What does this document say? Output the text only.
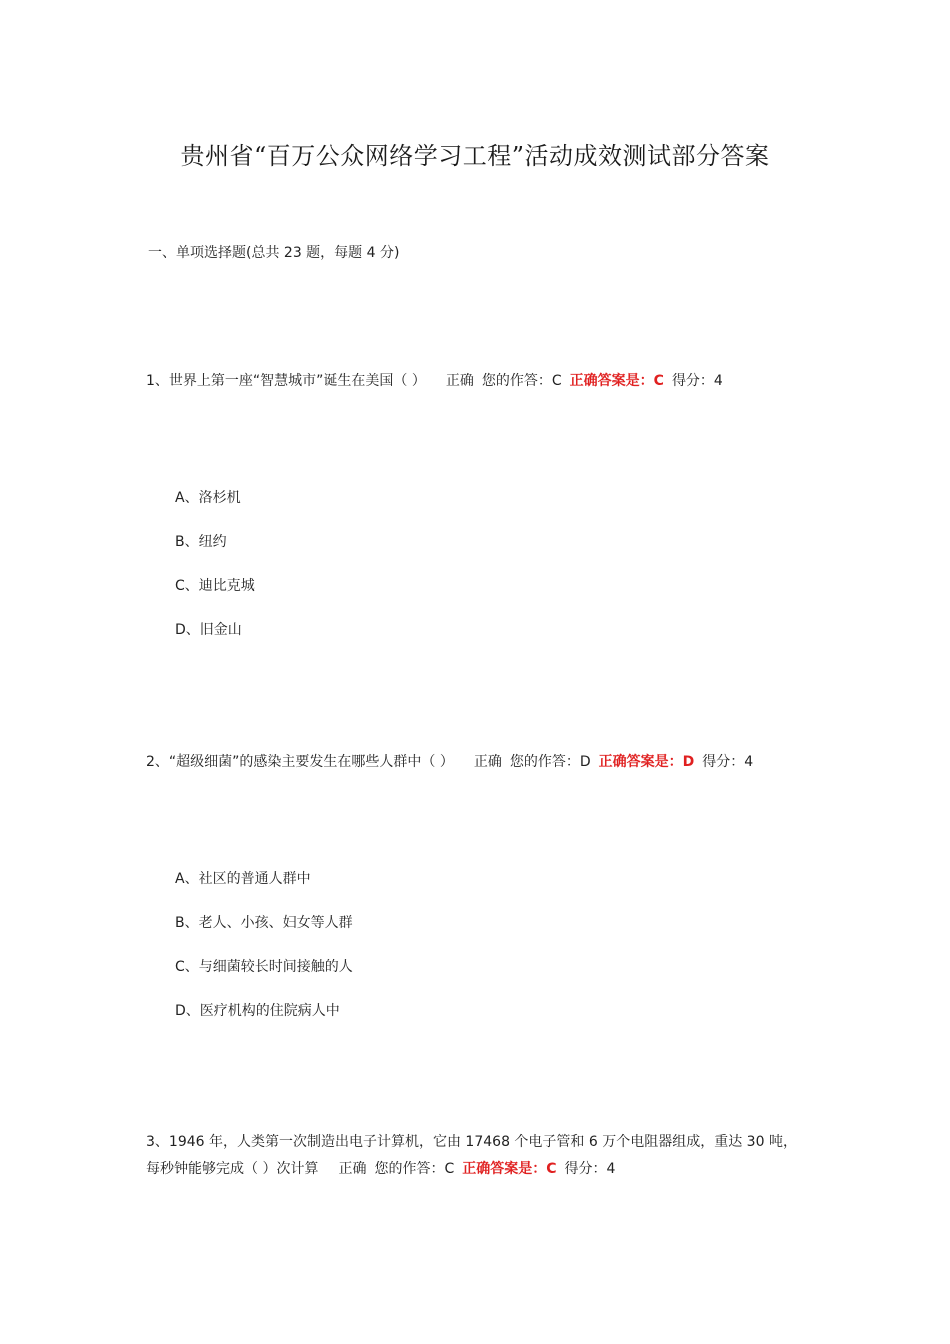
贵州省“百万公众网络学习工程”活动成效测试部分答案
一、单项选择题(总共 23 题，每题 4 分)
1、世界上第一座“智慧城市”诞生在美国（ ） 正确 您的作答：C 正确答案是：C 得分：4
A、洛杉机
B、纽约
C、迪比克城
D、旧金山
2、“超级细菌”的感染主要发生在哪些人群中（ ） 正确 您的作答：D 正确答案是：D 得分：4
A、社区的普通人群中
B、老人、小孩、妇女等人群
C、与细菌较长时间接触的人
D、医疗机构的住院病人中
3、1946 年，人类第一次制造出电子计算机，它由 17468 个电子管和 6 万个电阻器组成，重达 30 吨，每秒钟能够完成（ ）次计算 正确 您的作答：C 正确答案是：C 得分：4
